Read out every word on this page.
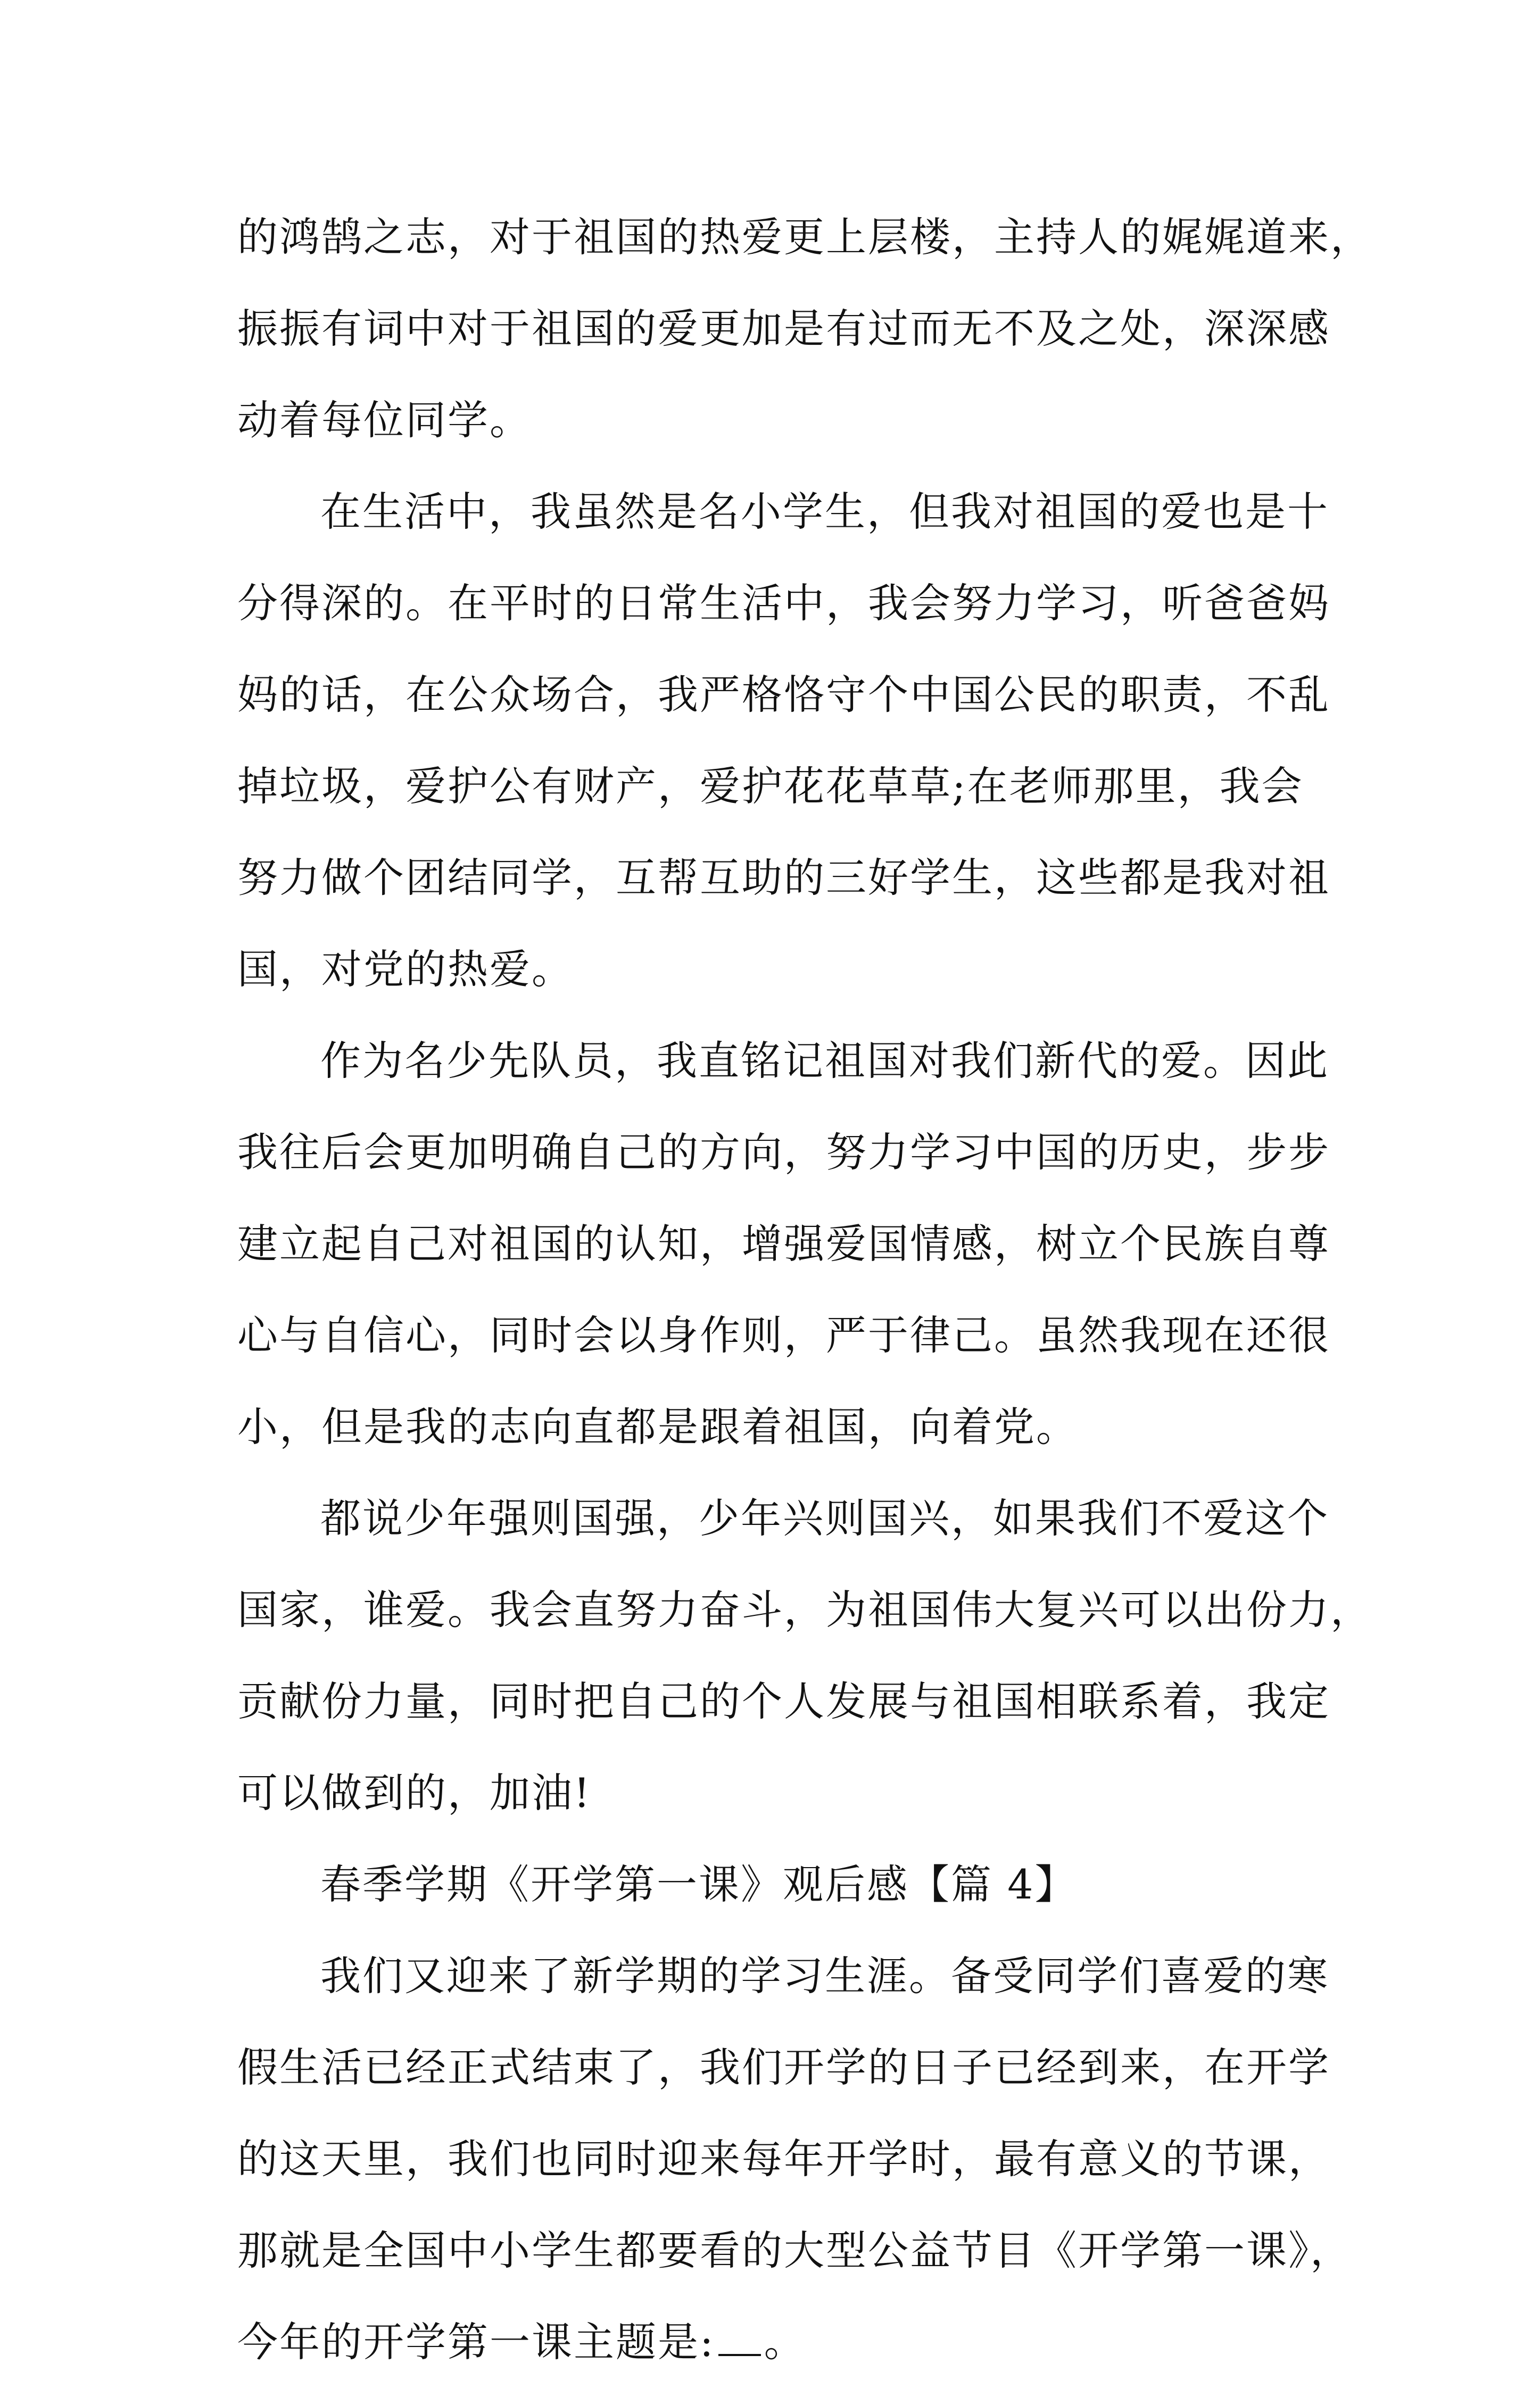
的鸿鹄之志，对于祖国的热爱更上层楼，主持人的娓娓道来，
振振有词中对于祖国的爱更加是有过而无不及之处，深深感
动着每位同学。
在生活中，我虽然是名小学生，但我对祖国的爱也是十
分得深的。在平时的日常生活中，我会努力学习，听爸爸妈
妈的话，在公众场合，我严格恪守个中国公民的职责，不乱
掉垃圾，爱护公有财产，爱护花花草草;在老师那里，我会
努力做个团结同学，互帮互助的三好学生，这些都是我对祖
国，对党的热爱。
作为名少先队员，我直铭记祖国对我们新代的爱。因此
我往后会更加明确自己的方向，努力学习中国的历史，步步
建立起自己对祖国的认知，增强爱国情感，树立个民族自尊
心与自信心，同时会以身作则，严于律己。虽然我现在还很
小，但是我的志向直都是跟着祖国，向着党。
都说少年强则国强，少年兴则国兴，如果我们不爱这个
国家，谁爱。我会直努力奋斗，为祖国伟大复兴可以出份力，
贡献份力量，同时把自己的个人发展与祖国相联系着，我定
可以做到的，加油!
春季学期《开学第一课》观后感【篇 4】
我们又迎来了新学期的学习生涯。备受同学们喜爱的寒
假生活已经正式结束了，我们开学的日子已经到来，在开学
的这天里，我们也同时迎来每年开学时，最有意义的节课，
那就是全国中小学生都要看的大型公益节目《开学第一课》，
今年的开学第一课主题是: 。
